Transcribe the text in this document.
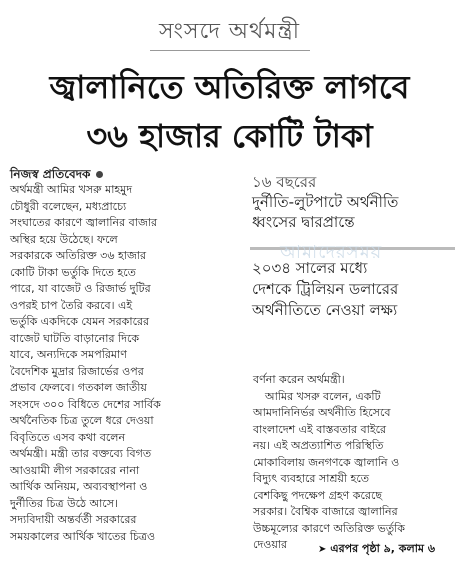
সংসদে অর্থমন্ত্রী
জ্বালানিতে অতিরিক্ত লাগবে
৩৬ হাজার কোটি টাকা
নিজস্ব প্রতিবেদক

অর্থমন্ত্রী আমির খসরু মাহমুদ

চৌধুরী বলেছেন, মধ্যপ্রাচ্যে

সংঘাতের কারণে জ্বালানির বাজার

অস্থির হয়ে উঠেছে। ফলে

সরকারকে অতিরিক্ত ৩৬ হাজার

কোটি টাকা ভর্তুকি দিতে হতে

পারে, যা বাজেট ও রিজার্ভ দুটির

ওপরই চাপ তৈরি করবে। এই

ভর্তুকি একদিকে যেমন সরকারের

বাজেট ঘাটতি বাড়ানোর দিকে

যাবে, অন্যদিকে সমপরিমাণ

বৈদেশিক মুদ্রার রিজার্ভের ওপর

প্রভাব ফেলবে। গতকাল জাতীয়

সংসদে ৩০০ বিধিতে দেশের সার্বিক

অর্থনৈতিক চিত্র তুলে ধরে দেওয়া

বিবৃতিতে এসব কথা বলেন

অর্থমন্ত্রী। মন্ত্রী তার বক্তব্যে বিগত

আওয়ামী লীগ সরকারের নানা

আর্থিক অনিয়ম, অব্যবস্থাপনা ও

দুর্নীতির চিত্র উঠে আসে।

সদ্যবিদায়ী অন্তর্বর্তী সরকারের

সময়কালের আর্থিক খাতের চিত্রও

১৬ বছরের
দুর্নীতি-লুটপাটে অর্থনীতি
ধ্বংসের দ্বারপ্রান্তে
আমাদেরসময়
২০৩৪ সালের মধ্যে
দেশকে ট্রিলিয়ন ডলারের
অর্থনীতিতে নেওয়া লক্ষ্য

বর্ণনা করেন অর্থমন্ত্রী।

আমির খসরু বলেন, একটি

আমদানিনির্ভর অর্থনীতি হিসেবে

বাংলাদেশ এই বাস্তবতার বাইরে

নয়। এই অপ্রত্যাশিত পরিস্থিতি

মোকাবিলায় জনগণকে জ্বালানি ও

বিদ্যুৎ ব্যবহারে সাশ্রয়ী হতে

বেশকিছু পদক্ষেপ গ্রহণ করেছে

সরকার। বৈশ্বিক বাজারে জ্বালানির

উচ্চমূল্যের কারণে অতিরিক্ত ভর্তুকি

দেওয়ার	➤ এরপর পৃষ্ঠা ৯, কলাম ৬
